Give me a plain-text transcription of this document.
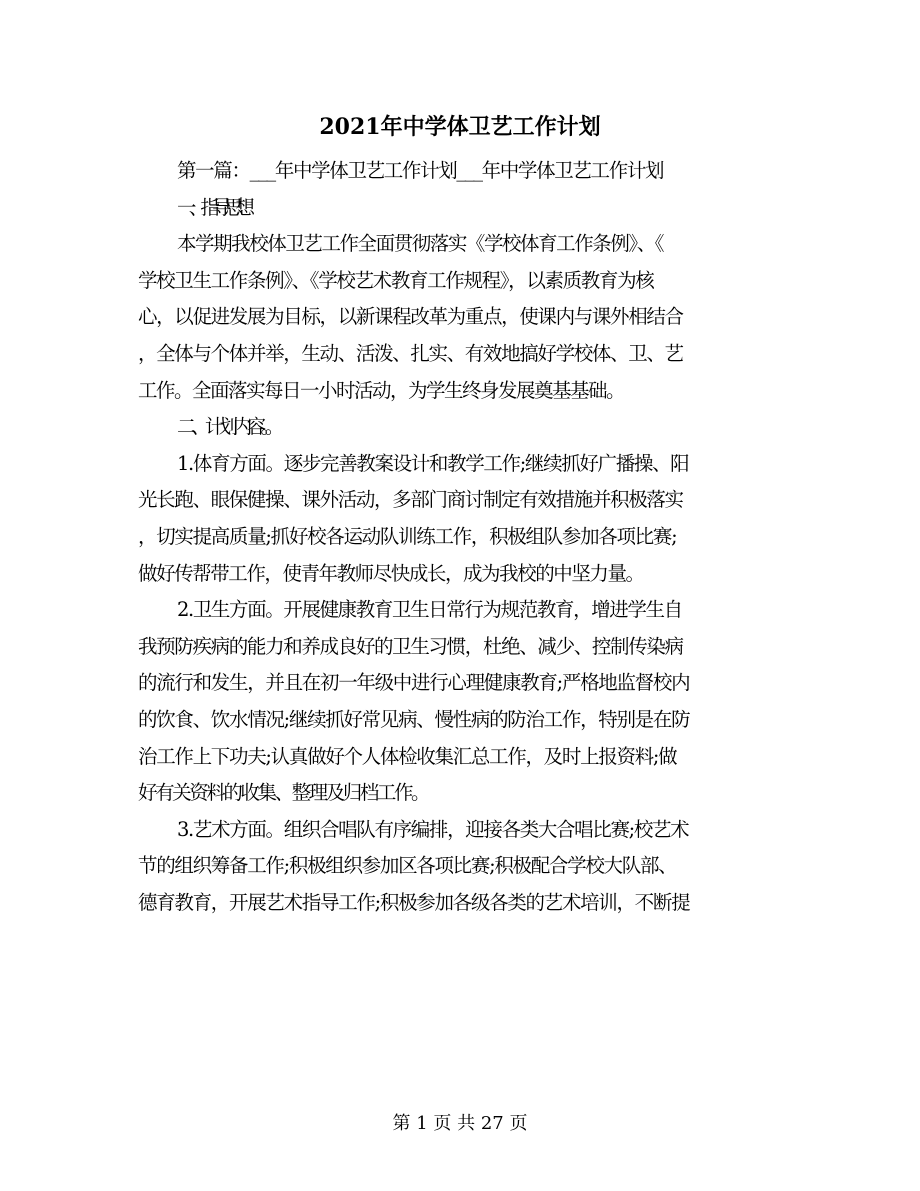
2021年中学体卫艺工作计划

第一篇：___年中学体卫艺工作计划___年中学体卫艺工作计划

一、指导思想

本学期我校体卫艺工作全面贯彻落实《学校体育工作条例》、《
学校卫生工作条例》、《学校艺术教育工作规程》，以素质教育为核
心，以促进发展为目标，以新课程改革为重点，使课内与课外相结合
，全体与个体并举，生动、活泼、扎实、有效地搞好学校体、卫、艺
工作。全面落实每日一小时活动，为学生终身发展奠基基础。

二、计划内容。。

1.体育方面。逐步完善教案设计和教学工作;继续抓好广播操、阳
光长跑、眼保健操、课外活动，多部门商讨制定有效措施并积极落实
，切实提高质量;抓好校各运动队训练工作，积极组队参加各项比赛;
做好传帮带工作，使青年教师尽快成长，成为我校的中坚力量。

2.卫生方面。开展健康教育卫生日常行为规范教育，增进学生自
我预防疾病的能力和养成良好的卫生习惯，杜绝、减少、控制传染病
的流行和发生，并且在初一年级中进行心理健康教育;严格地监督校内
的饮食、饮水情况;继续抓好常见病、慢性病的防治工作，特别是在防
治工作上下功夫;认真做好个人体检收集汇总工作，及时上报资料;做
好有关资料的收集、整理及归档工作。

3.艺术方面。组织合唱队有序编排，迎接各类大合唱比赛;校艺术
节的组织筹备工作;积极组织参加区各项比赛;积极配合学校大队部、
德育教育，开展艺术指导工作;积极参加各级各类的艺术培训，不断提

第 1 页 共 27 页
